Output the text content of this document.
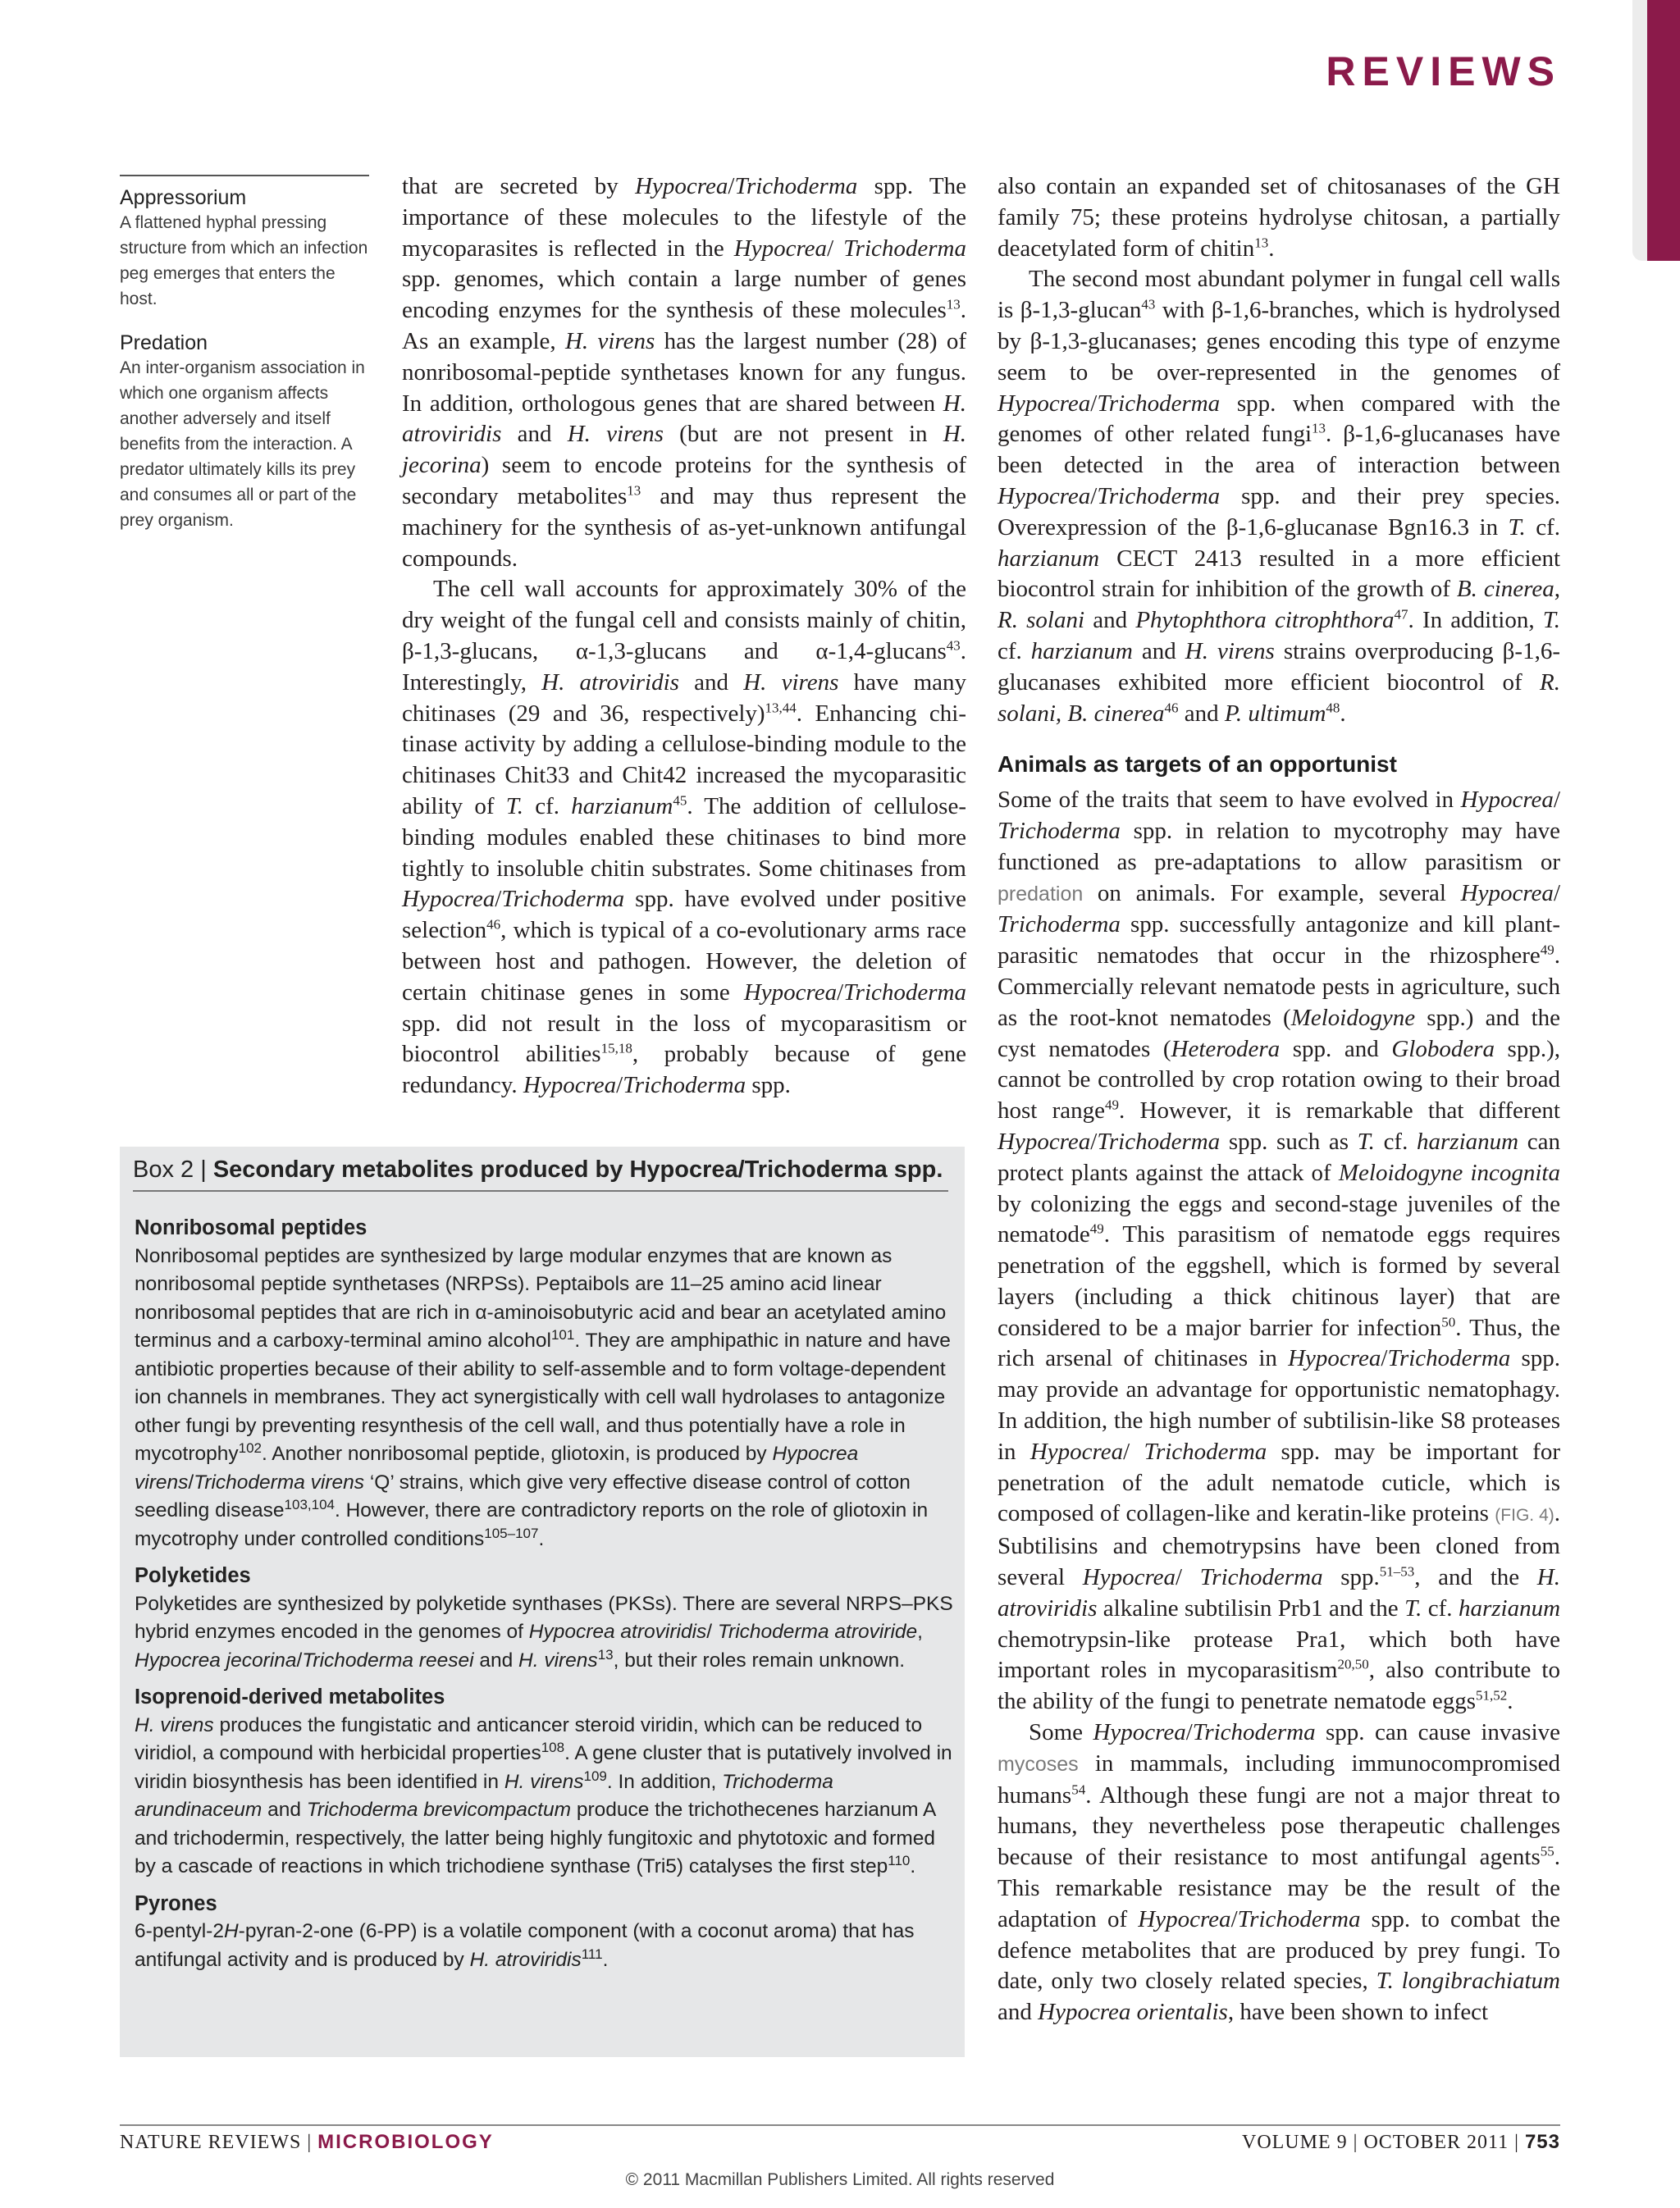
REVIEWS
Appressorium
A flattened hyphal pressing structure from which an infection peg emerges that enters the host.
Predation
An inter-organism association in which one organism affects another adversely and itself benefits from the interaction. A predator ultimately kills its prey and consumes all or part of the prey organism.

that are secreted by Hypocrea/Trichoderma spp. The importance of these molecules to the lifestyle of the mycoparasites is reflected in the Hypocrea/ Trichoderma spp. genomes, which contain a large number of genes encoding enzymes for the synthesis of these molecules$^{13}$. As an example, H. virens has the largest number (28) of nonribosomal-peptide synthetases known for any fungus. In addition, orthologous genes that are shared between H. atroviridis and H. virens (but are not present in H. jecorina) seem to encode proteins for the synthesis of secondary metabolites$^{13}$ and may thus represent the machinery for the synthesis of as-yet-unknown antifungal compounds.

The cell wall accounts for approximately 30% of the dry weight of the fungal cell and consists mainly of chitin, β-1,3-glucans, α-1,3-glucans and α-1,4-glucans$^{43}$. Interestingly, H. atroviridis and H. virens have many chitinases (29 and 36, respectively)$^{13,44}$. Enhancing chitinase activity by adding a cellulose-binding module to the chitinases Chit33 and Chit42 increased the mycoparasitic ability of T. cf. harzianum$^{45}$. The addition of cellulose-binding modules enabled these chitinases to bind more tightly to insoluble chitin substrates. Some chitinases from Hypocrea/Trichoderma spp. have evolved under positive selection$^{46}$, which is typical of a co-evolutionary arms race between host and pathogen. However, the deletion of certain chitinase genes in some Hypocrea/Trichoderma spp. did not result in the loss of mycoparasitism or biocontrol abilities$^{15,18}$, probably because of gene redundancy. Hypocrea/Trichoderma spp.

Box 2 | Secondary metabolites produced by Hypocrea/Trichoderma spp.
Nonribosomal peptides

Nonribosomal peptides are synthesized by large modular enzymes that are known as nonribosomal peptide synthetases (NRPSs). Peptaibols are 11–25 amino acid linear nonribosomal peptides that are rich in α-aminoisobutyric acid and bear an acetylated amino terminus and a carboxy-terminal amino alcohol$^{101}$. They are amphipathic in nature and have antibiotic properties because of their ability to self-assemble and to form voltage-dependent ion channels in membranes. They act synergistically with cell wall hydrolases to antagonize other fungi by preventing resynthesis of the cell wall, and thus potentially have a role in mycotrophy$^{102}$. Another nonribosomal peptide, gliotoxin, is produced by Hypocrea virens/Trichoderma virens ‘Q’ strains, which give very effective disease control of cotton seedling disease$^{103,104}$. However, there are contradictory reports on the role of gliotoxin in mycotrophy under controlled conditions$^{105-107}$.

Polyketides

Polyketides are synthesized by polyketide synthases (PKSs). There are several NRPS–PKS hybrid enzymes encoded in the genomes of Hypocrea atroviridis/ Trichoderma atroviride, Hypocrea jecorina/Trichoderma reesei and H. virens$^{13}$, but their roles remain unknown.

Isoprenoid-derived metabolites

H. virens produces the fungistatic and anticancer steroid viridin, which can be reduced to viridiol, a compound with herbicidal properties$^{108}$. A gene cluster that is putatively involved in viridin biosynthesis has been identified in H. virens$^{109}$. In addition, Trichoderma arundinaceum and Trichoderma brevicompactum produce the trichothecenes harzianum A and trichodermin, respectively, the latter being highly fungitoxic and phytotoxic and formed by a cascade of reactions in which trichodiene synthase (Tri5) catalyses the first step$^{110}$.

Pyrones

6-pentyl-2H-pyran-2-one (6-PP) is a volatile component (with a coconut aroma) that has antifungal activity and is produced by H. atroviridis$^{111}$.

also contain an expanded set of chitosanases of the GH family 75; these proteins hydrolyse chitosan, a partially deacetylated form of chitin$^{13}$.

The second most abundant polymer in fungal cell walls is β-1,3-glucan$^{43}$ with β-1,6-branches, which is hydrolysed by β-1,3-glucanases; genes encoding this type of enzyme seem to be over-represented in the genomes of Hypocrea/Trichoderma spp. when compared with the genomes of other related fungi$^{13}$. β-1,6-glucanases have been detected in the area of interaction between Hypocrea/Trichoderma spp. and their prey species. Overexpression of the β-1,6-glucanase Bgn16.3 in T. cf. harzianum CECT 2413 resulted in a more efficient biocontrol strain for inhibition of the growth of B. cinerea, R. solani and Phytophthora citrophthora$^{47}$. In addition, T. cf. harzianum and H. virens strains overproducing β-1,6-glucanases exhibited more efficient biocontrol of R. solani, B. cinerea$^{46}$ and P. ultimum$^{48}$.

Animals as targets of an opportunist

Some of the traits that seem to have evolved in Hypocrea/ Trichoderma spp. in relation to mycotrophy may have functioned as pre-adaptations to allow parasitism or predation on animals. For example, several Hypocrea/ Trichoderma spp. successfully antagonize and kill plant-parasitic nematodes that occur in the rhizosphere$^{49}$. Commercially relevant nematode pests in agriculture, such as the root-knot nematodes (Meloidogyne spp.) and the cyst nematodes (Heterodera spp. and Globodera spp.), cannot be controlled by crop rotation owing to their broad host range$^{49}$. However, it is remarkable that different Hypocrea/Trichoderma spp. such as T. cf. harzianum can protect plants against the attack of Meloidogyne incognita by colonizing the eggs and second-stage juveniles of the nematode$^{49}$. This parasitism of nematode eggs requires penetration of the eggshell, which is formed by several layers (including a thick chitinous layer) that are considered to be a major barrier for infection$^{50}$. Thus, the rich arsenal of chitinases in Hypocrea/Trichoderma spp. may provide an advantage for opportunistic nematophagy. In addition, the high number of subtilisin-like S8 proteases in Hypocrea/ Trichoderma spp. may be important for penetration of the adult nematode cuticle, which is composed of collagen-like and keratin-like proteins (FIG. 4). Subtilisins and chemotrypsins have been cloned from several Hypocrea/ Trichoderma spp.$^{51-53}$, and the H. atroviridis alkaline subtilisin Prb1 and the T. cf. harzianum chemotrypsin-like protease Pra1, which both have important roles in mycoparasitism$^{20,50}$, also contribute to the ability of the fungi to penetrate nematode eggs$^{51,52}$.

Some Hypocrea/Trichoderma spp. can cause invasive mycoses in mammals, including immunocompromised humans$^{54}$. Although these fungi are not a major threat to humans, they nevertheless pose therapeutic challenges because of their resistance to most antifungal agents$^{55}$. This remarkable resistance may be the result of the adaptation of Hypocrea/Trichoderma spp. to combat the defence metabolites that are produced by prey fungi. To date, only two closely related species, T. longibrachiatum and Hypocrea orientalis, have been shown to infect

NATURE REVIEWS | MICROBIOLOGY	VOLUME 9 | OCTOBER 2011 | 753
© 2011 Macmillan Publishers Limited. All rights reserved
